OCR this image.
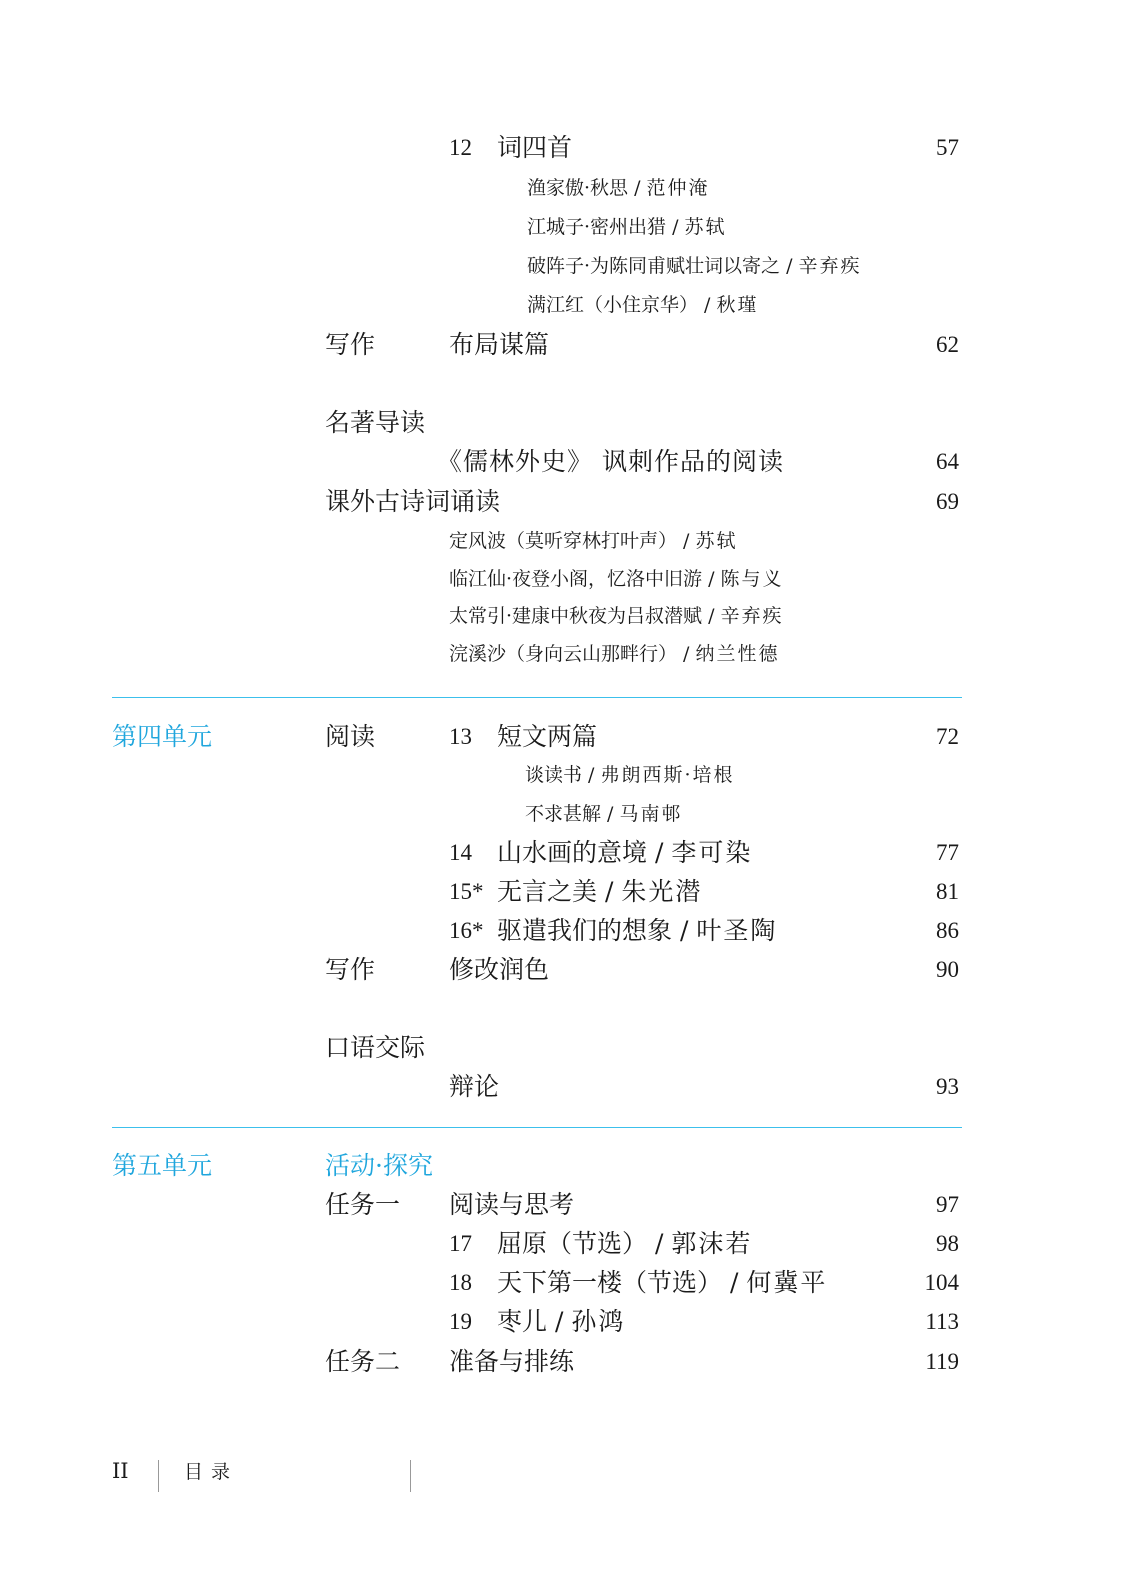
12 词四首	57
渔家傲·秋思 / 范仲淹
江城子·密州出猎 / 苏轼
破阵子·为陈同甫赋壮词以寄之 / 辛弃疾
满江红（小住京华） / 秋瑾
写作	布局谋篇	62
名著导读
《儒林外史》 讽刺作品的阅读	64
课外古诗词诵读	69
定风波（莫听穿林打叶声） / 苏轼
临江仙·夜登小阁，忆洛中旧游 / 陈与义
太常引·建康中秋夜为吕叔潜赋 / 辛弃疾
浣溪沙（身向云山那畔行） / 纳兰性德
第四单元	阅读	13 短文两篇	72
谈读书 / 弗朗西斯·培根
不求甚解 / 马南邨
14 山水画的意境 / 李可染	77
15* 无言之美 / 朱光潜	81
16* 驱遣我们的想象 / 叶圣陶	86
写作	修改润色	90
口语交际
辩论	93
第五单元	活动·探究
任务一 阅读与思考	97
17 屈原（节选） / 郭沫若	98
18 天下第一楼（节选） / 何冀平	104
19 枣儿 / 孙鸿	113
任务二 准备与排练	119
II	目录
